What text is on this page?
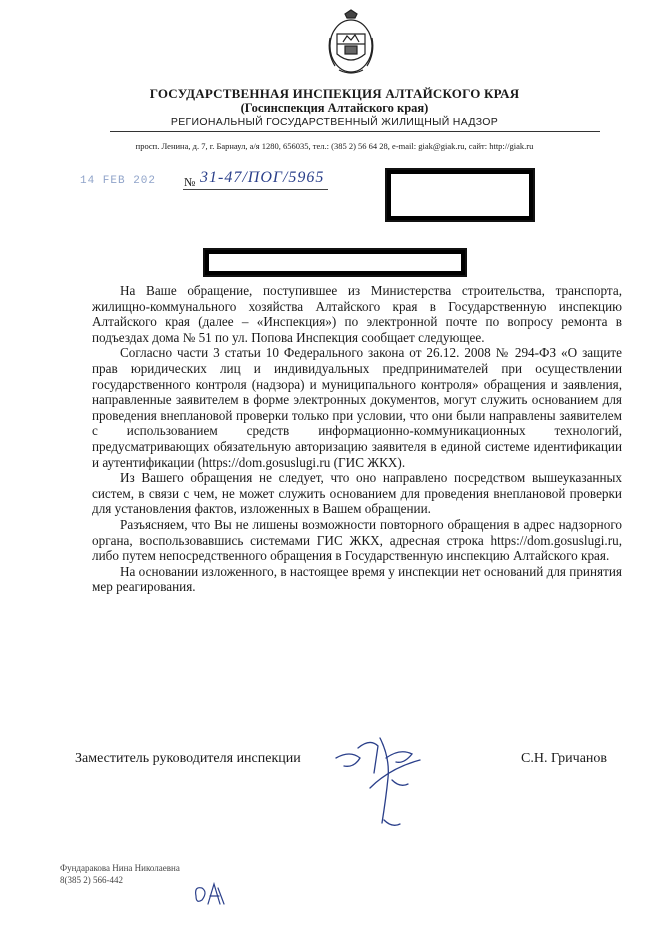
ГОСУДАРСТВЕННАЯ ИНСПЕКЦИЯ АЛТАЙСКОГО КРАЯ
(Госинспекция Алтайского края)
РЕГИОНАЛЬНЫЙ ГОСУДАРСТВЕННЫЙ ЖИЛИЩНЫЙ НАДЗОР
просп. Ленина, д. 7, г. Барнаул, а/я 1280, 656035, тел.: (385 2) 56 64 28, e-mail: giak@giak.ru, сайт: http://giak.ru
14 FEB 202 № 31-47/ПОГ/5965

На Ваше обращение, поступившее из Министерства строительства, транспорта, жилищно-коммунального хозяйства Алтайского края в Государственную инспекцию Алтайского края (далее – «Инспекция») по электронной почте по вопросу ремонта в подъездах дома № 51 по ул. Попова Инспекция сообщает следующее.

Согласно части 3 статьи 10 Федерального закона от 26.12. 2008 № 294-ФЗ «О защите прав юридических лиц и индивидуальных предпринимателей при осуществлении государственного контроля (надзора) и муниципального контроля» обращения и заявления, направленные заявителем в форме электронных документов, могут служить основанием для проведения внеплановой проверки только при условии, что они были направлены заявителем с использованием средств информационно-коммуникационных технологий, предусматривающих обязательную авторизацию заявителя в единой системе идентификации и аутентификации (https://dom.gosuslugi.ru (ГИС ЖКХ).

Из Вашего обращения не следует, что оно направлено посредством вышеуказанных систем, в связи с чем, не может служить основанием для проведения внеплановой проверки для установления фактов, изложенных в Вашем обращении.

Разъясняем, что Вы не лишены возможности повторного обращения в адрес надзорного органа, воспользовавшись системами ГИС ЖКХ, адресная строка https://dom.gosuslugi.ru, либо путем непосредственного обращения в Государственную инспекцию Алтайского края.

На основании изложенного, в настоящее время у инспекции нет оснований для принятия мер реагирования.

Заместитель руководителя инспекции	С.Н. Гричанов
Фундаракова Нина Николаевна
8(385 2) 566-442
